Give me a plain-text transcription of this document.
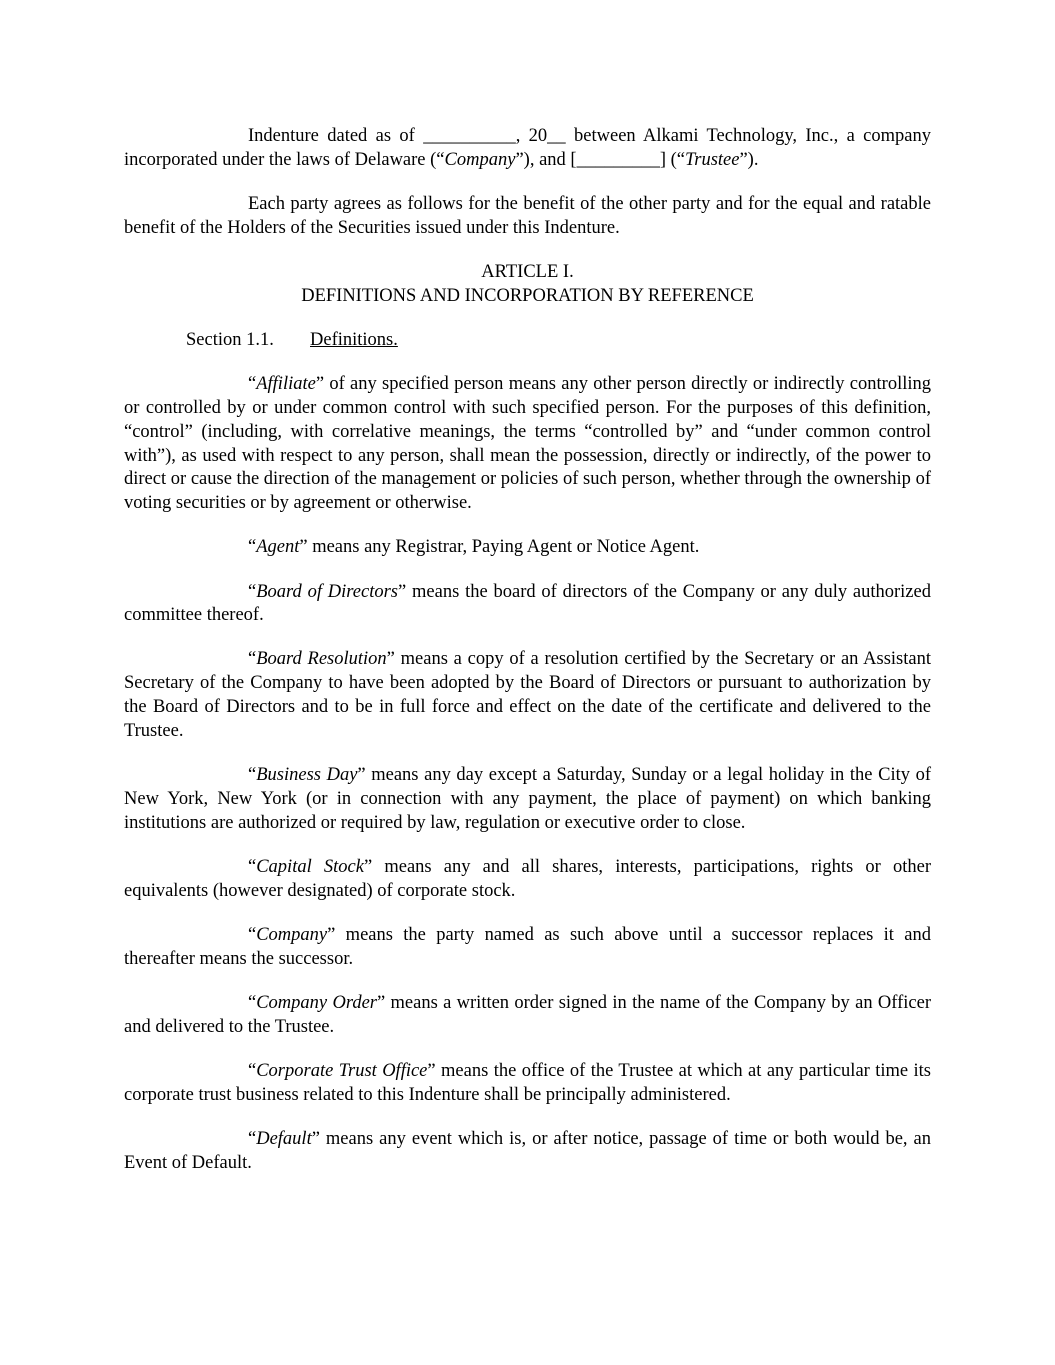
Indenture dated as of __________, 20__ between Alkami Technology, Inc., a company incorporated under the laws of Delaware (“Company”), and [_________] (“Trustee”).

Each party agrees as follows for the benefit of the other party and for the equal and ratable benefit of the Holders of the Securities issued under this Indenture.

ARTICLE I.
DEFINITIONS AND INCORPORATION BY REFERENCE
Section 1.1. Definitions.

“Affiliate” of any specified person means any other person directly or indirectly controlling or controlled by or under common control with such specified person. For the purposes of this definition, “control” (including, with correlative meanings, the terms “controlled by” and “under common control with”), as used with respect to any person, shall mean the possession, directly or indirectly, of the power to direct or cause the direction of the management or policies of such person, whether through the ownership of voting securities or by agreement or otherwise.

“Agent” means any Registrar, Paying Agent or Notice Agent.

“Board of Directors” means the board of directors of the Company or any duly authorized committee thereof.

“Board Resolution” means a copy of a resolution certified by the Secretary or an Assistant Secretary of the Company to have been adopted by the Board of Directors or pursuant to authorization by the Board of Directors and to be in full force and effect on the date of the certificate and delivered to the Trustee.

“Business Day” means any day except a Saturday, Sunday or a legal holiday in the City of New York, New York (or in connection with any payment, the place of payment) on which banking institutions are authorized or required by law, regulation or executive order to close.

“Capital Stock” means any and all shares, interests, participations, rights or other equivalents (however designated) of corporate stock.

“Company” means the party named as such above until a successor replaces it and thereafter means the successor.

“Company Order” means a written order signed in the name of the Company by an Officer and delivered to the Trustee.

“Corporate Trust Office” means the office of the Trustee at which at any particular time its corporate trust business related to this Indenture shall be principally administered.

“Default” means any event which is, or after notice, passage of time or both would be, an Event of Default.
